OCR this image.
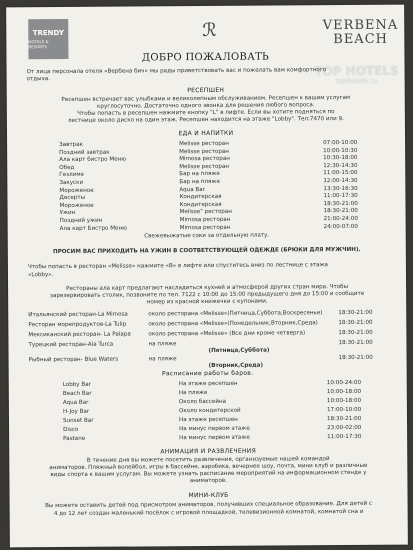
TRENDY
HOTELS & RESORTS
ℛ	VERBENA
BEACH
TOP HOTELS
tophotels.ru
ДОБРО ПОЖАЛОВАТЬ
От лица персонала отеля «Вербена бич» мы рады приветствовать вас и пожелать вам комфортного
отдыха.
РЕСЕПШЕН
Ресепшен встречает вас улыбками и великолепным обслуживанием. Ресепшен к вашим услугам
круглосуточно. Достаточно одного звонка для решения любого вопроса.
Чтобы попасть в ресепшен нажмите кнопку "L" в лифте. Если вы хотите подняться по
лестнице около диско на один этаж. Ресепшен находится на этаже "Lobby". Тел:7470 или 9.
ЕДА И НАПИТКИ
Завтрак	Melisse ресторан	07:00-10:00
Поздний завтрак	Melisse ресторан	10:00-10:30
Ала карт бистро Меню	Mimosa ресторан	10:30-18:00
Обед	Melisse ресторан	12:30-14:30
Гезлиме	Бар на пляже	11:00-15:00
Закуски	Бар на пляже	12:00-14:30
Мороженое	Aqua Bar	13:30-16:30
Десерты	Кондитерская	11:00-17:30
Мороженое	Кондитерская	18:30-21:00
Ужин	Melisse" ресторан	18:30-21:00
Поздний ужин	Mimosa ресторан	21:00-24:00
Ала карт Бистро Меню	Mimosa ресторан	24:00-07:00
Свежевыжатые соки за отдельную плату.
ПРОСИМ ВАС ПРИХОДИТЬ НА УЖИН В СООТВЕТСТВУЮЩЕЙ ОДЕЖДЕ (БРЮКИ ДЛЯ МУЖЧИН).
Чтобы попасть в ресторан «Melisse» нажмите «B» в лифте или спуститесь вниз по лестнице с этажа
«Lobby».
Рестораны ала карт предлагают насладиться кухней и атмосферой других стран мира. Чтобы
зарезервировать столик, позвоните по тел. 7122 с 10:00 до 15:00 предыдущего дня до 15:00 и сообщите
номер из красной книжечки с купонами.
Итальянский ресторан-La Mimosa	около ресторана «Melisse»(Пятница,Суббота,Воскресенье)	18:30-21:00
Ресторан морепродуктов-La Tulip	около ресторана «Melisse»(Понедельник,Вторник,Среда)	18:30-21:00
Мексиканский ресторан- La Palapa	около ресторана «Melisse» (Все дни кроме четверга)	18:30-21:00
Турецкий ресторан-Ala Turca	на пляже	18:30-21:00
(Пятница,Суббота)
Рыбный ресторан- Blue Waters	на пляже	18:30-21:00
(Вторник,Среда)
Расписание работы баров.
Lobby Bar	На этаже ресепшен	10:00-24:00
Beach Bar	На пляже	10:00-18:00
Aqua Bar	Около бассейна	10:00-18:00
H-Joy Bar	Около кондитерской	17:00-10:00
Sunset Bar	На этаже ресепшен	18:30-21:00
Disco	На минус первом этаже	23:00-02:00
Pastane	На минус первом этаже	11:00-17:30
АНИМАЦИЯ И РАЗВЛЕЧЕНИЯ
В течение дня вы можете посетить развлечения, организуемые нашей командой
аниматоров. Пляжный волейбол, игры в бассейне, аэробика, вечернее шоу, почта, мини клуб и различные
виды спорта к вашим услугам. Вы можете узнать расписание мероприятий на информационном стенде у
аниматоров.
МИНИ-КЛУБ
Вы можете оставить детей под присмотром аниматоров, получивших специальное образование. Для детей с
4 до 12 лет создан маленький посёлок с игровой площадкой, телевизионной комнатой, комнатой сна и
